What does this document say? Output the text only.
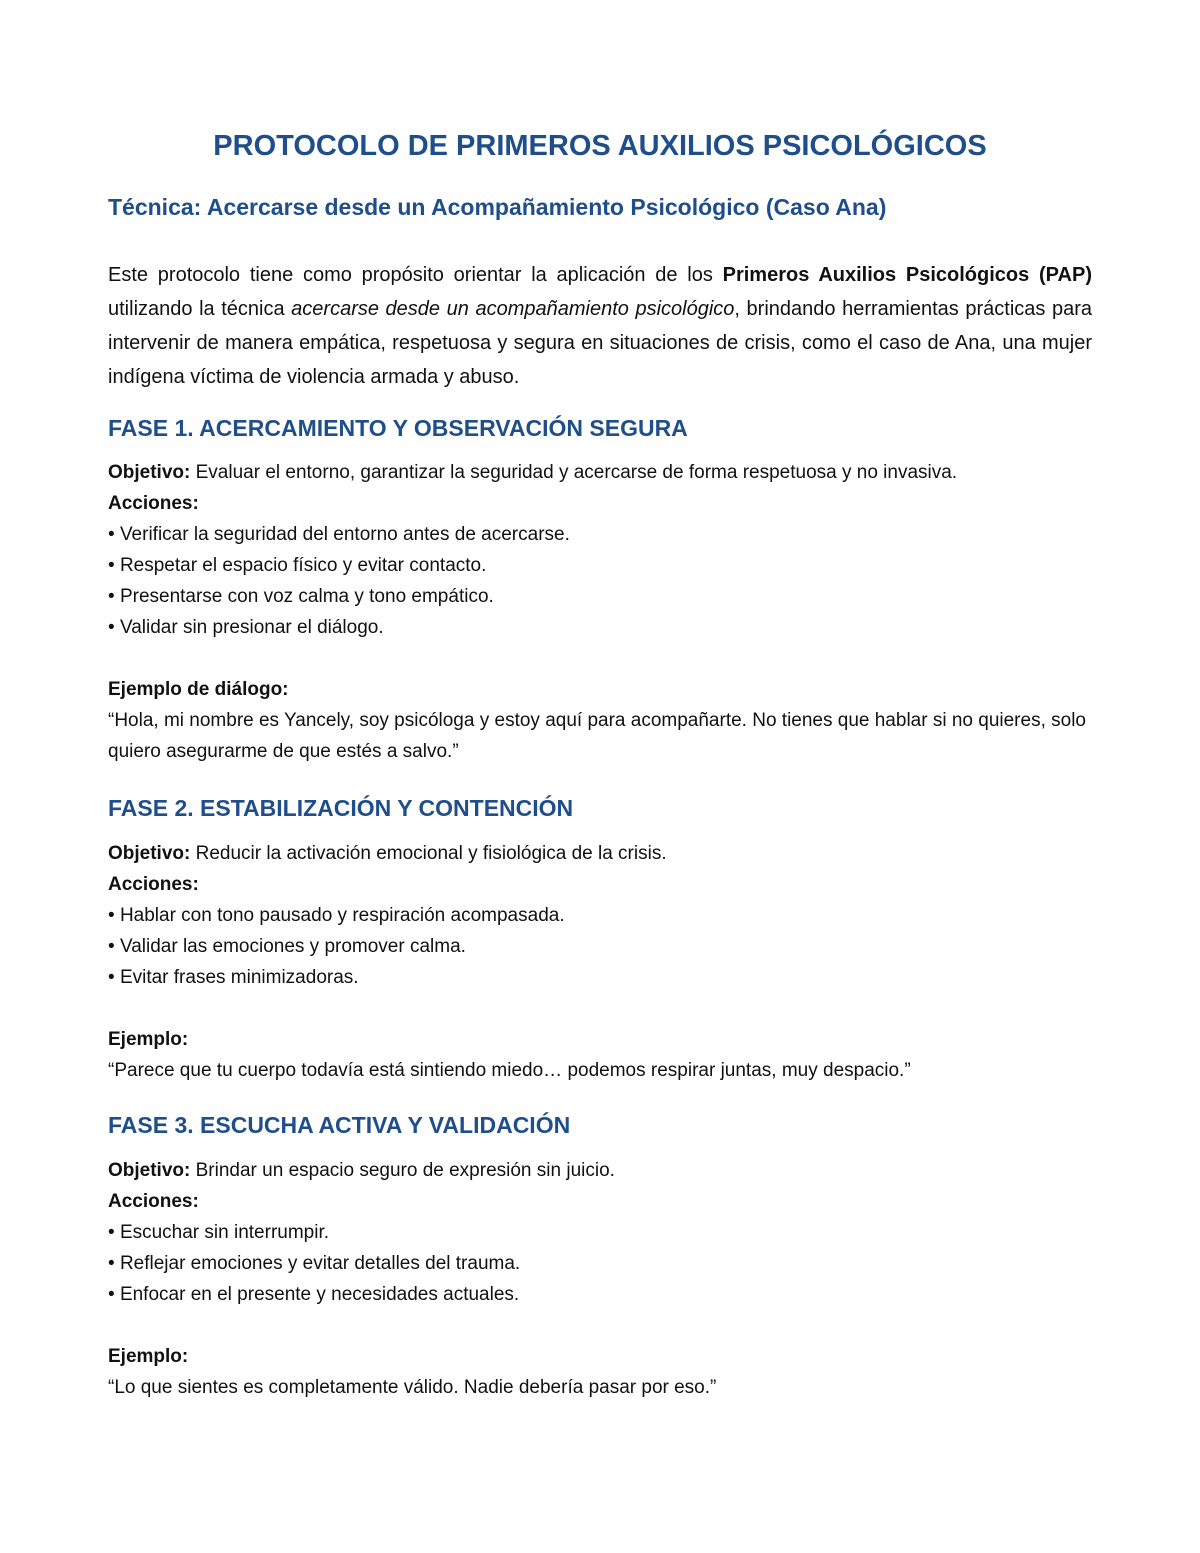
PROTOCOLO DE PRIMEROS AUXILIOS PSICOLÓGICOS
Técnica: Acercarse desde un Acompañamiento Psicológico (Caso Ana)

Este protocolo tiene como propósito orientar la aplicación de los Primeros Auxilios Psicológicos (PAP) utilizando la técnica acercarse desde un acompañamiento psicológico, brindando herramientas prácticas para intervenir de manera empática, respetuosa y segura en situaciones de crisis, como el caso de Ana, una mujer indígena víctima de violencia armada y abuso.

FASE 1. ACERCAMIENTO Y OBSERVACIÓN SEGURA

Objetivo: Evaluar el entorno, garantizar la seguridad y acercarse de forma respetuosa y no invasiva.

Acciones:

• Verificar la seguridad del entorno antes de acercarse.
• Respetar el espacio físico y evitar contacto.
• Presentarse con voz calma y tono empático.
• Validar sin presionar el diálogo.

Ejemplo de diálogo:

“Hola, mi nombre es Yancely, soy psicóloga y estoy aquí para acompañarte. No tienes que hablar si no quieres, solo quiero asegurarme de que estés a salvo.”

FASE 2. ESTABILIZACIÓN Y CONTENCIÓN

Objetivo: Reducir la activación emocional y fisiológica de la crisis.

Acciones:

• Hablar con tono pausado y respiración acompasada.
• Validar las emociones y promover calma.
• Evitar frases minimizadoras.

Ejemplo:

“Parece que tu cuerpo todavía está sintiendo miedo… podemos respirar juntas, muy despacio.”

FASE 3. ESCUCHA ACTIVA Y VALIDACIÓN

Objetivo: Brindar un espacio seguro de expresión sin juicio.

Acciones:

• Escuchar sin interrumpir.
• Reflejar emociones y evitar detalles del trauma.
• Enfocar en el presente y necesidades actuales.

Ejemplo:

“Lo que sientes es completamente válido. Nadie debería pasar por eso.”
